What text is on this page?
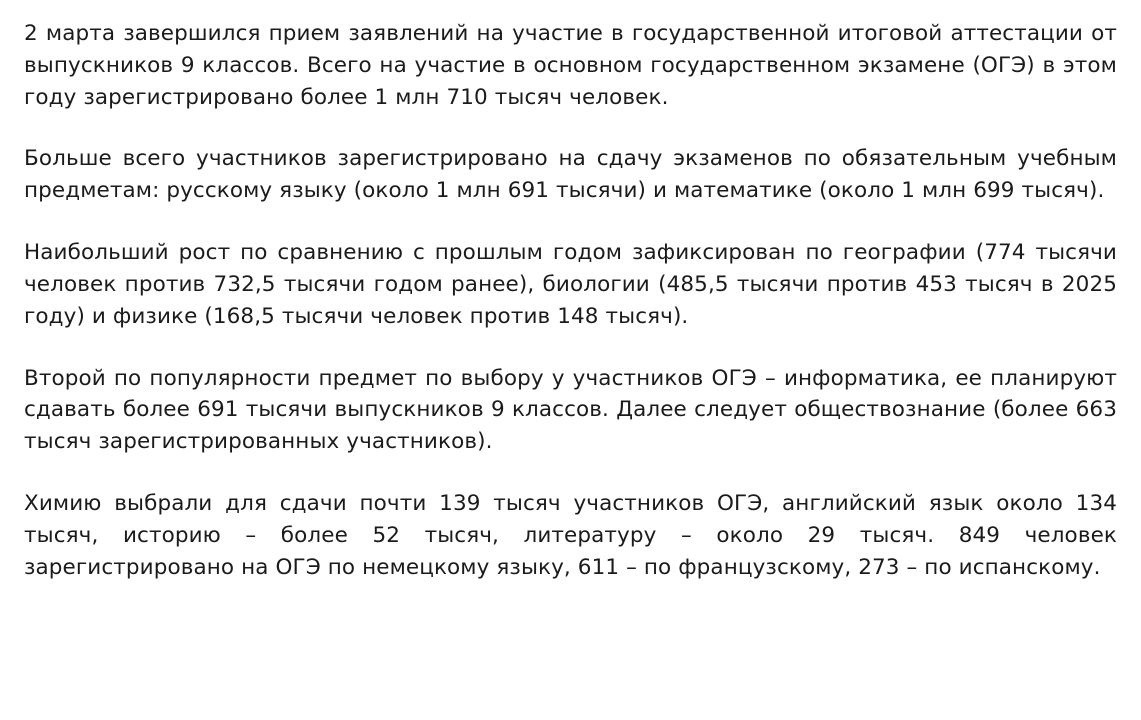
2 марта завершился прием заявлений на участие в государственной итоговой аттестации от выпускников 9 классов. Всего на участие в основном государственном экзамене (ОГЭ) в этом году зарегистрировано более 1 млн 710 тысяч человек.

Больше всего участников зарегистрировано на сдачу экзаменов по обязательным учебным предметам: русскому языку (около 1 млн 691 тысячи) и математике (около 1 млн 699 тысяч).

Наибольший рост по сравнению с прошлым годом зафиксирован по географии (774 тысячи человек против 732,5 тысячи годом ранее), биологии (485,5 тысячи против 453 тысяч в 2025 году) и физике (168,5 тысячи человек против 148 тысяч).

Второй по популярности предмет по выбору у участников ОГЭ – информатика, ее планируют сдавать более 691 тысячи выпускников 9 классов. Далее следует обществознание (более 663 тысяч зарегистрированных участников).

Химию выбрали для сдачи почти 139 тысяч участников ОГЭ, английский язык около 134 тысяч, историю – более 52 тысяч, литературу – около 29 тысяч. 849 человек зарегистрировано на ОГЭ по немецкому языку, 611 – по французскому, 273 – по испанскому.
